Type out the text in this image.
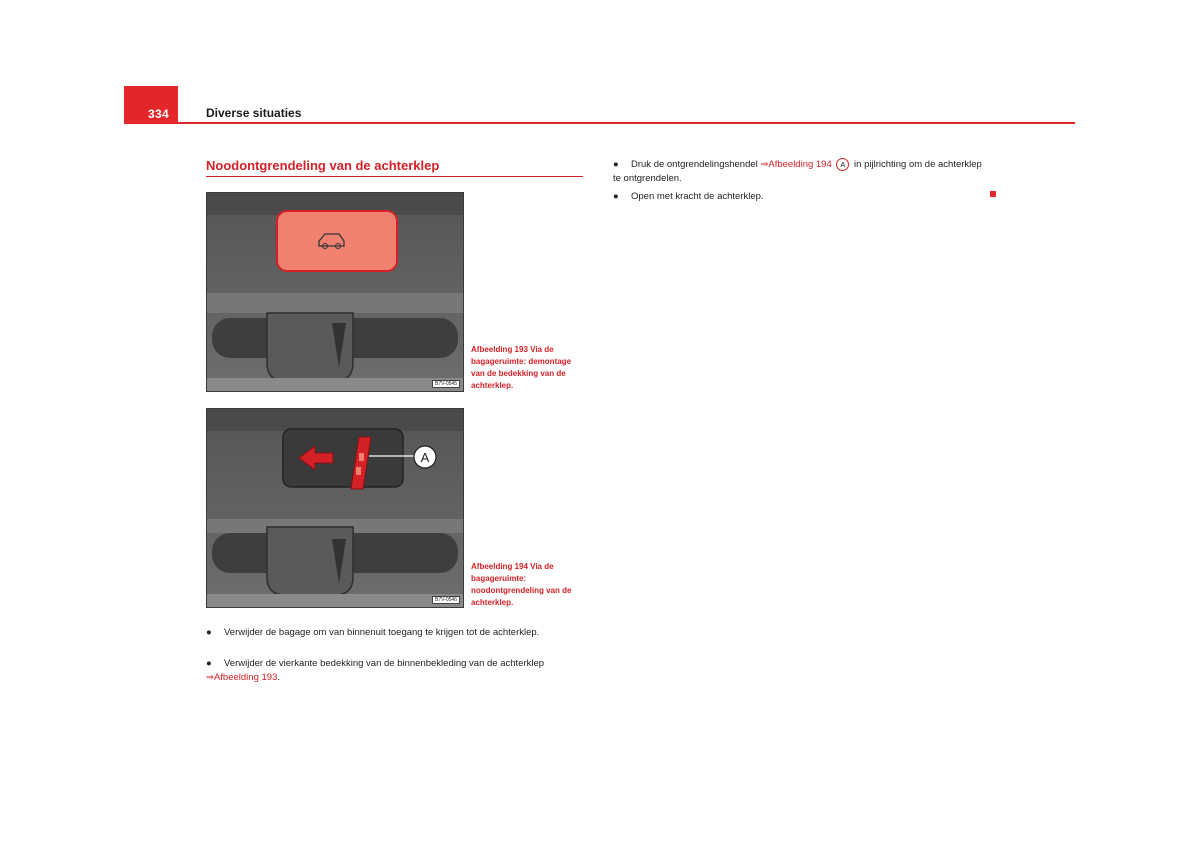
334	Diverse situaties
Noodontgrendeling van de achterklep
B7V-0545
Afbeelding 193 Via de bagageruimte: demontage van de bedekking van de achterklep.
A
B7V-0546
Afbeelding 194 Via de bagageruimte: noodontgrendeling van de achterklep.
● Verwijder de bagage om van binnenuit toegang te krijgen tot de achterklep.
● Verwijder de vierkante bedekking van de binnenbekleding van de achterklep ⇒Afbeelding 193.
● Druk de ontgrendelingshendel ⇒Afbeelding 194 A in pijlrichting om de achterklep te ontgrendelen.
● Open met kracht de achterklep.
